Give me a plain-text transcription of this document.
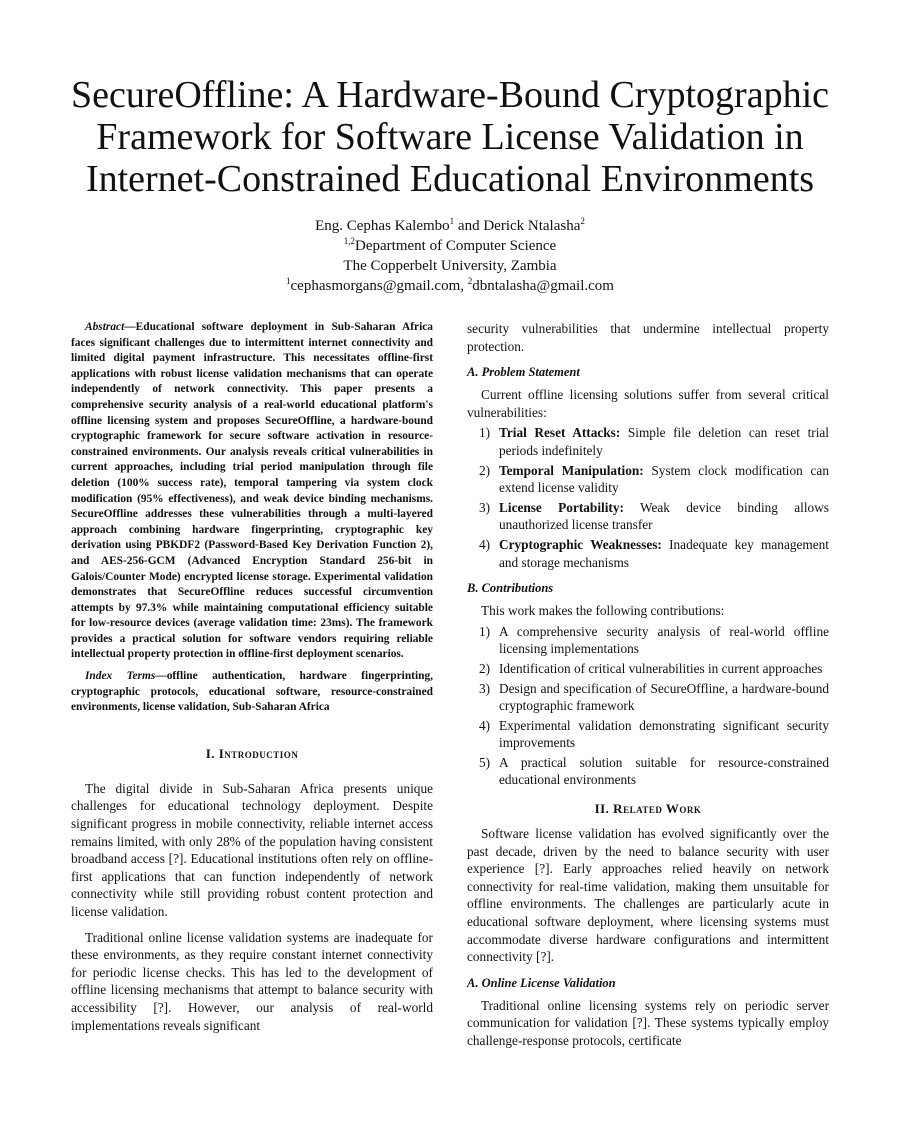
SecureOffline: A Hardware-Bound Cryptographic Framework for Software License Validation in Internet-Constrained Educational Environments
Eng. Cephas Kalembo$^1$ and Derick Ntalasha$^2$
$^{1,2}$Department of Computer Science
The Copperbelt University, Zambia
$^1$cephasmorgans@gmail.com, $^2$dbntalasha@gmail.com

Abstract—Educational software deployment in Sub-Saharan Africa faces significant challenges due to intermittent internet connectivity and limited digital payment infrastructure. This necessitates offline-first applications with robust license validation mechanisms that can operate independently of network connectivity. This paper presents a comprehensive security analysis of a real-world educational platform's offline licensing system and proposes SecureOffline, a hardware-bound cryptographic framework for secure software activation in resource-constrained environments. Our analysis reveals critical vulnerabilities in current approaches, including trial period manipulation through file deletion (100% success rate), temporal tampering via system clock modification (95% effectiveness), and weak device binding mechanisms. SecureOffline addresses these vulnerabilities through a multi-layered approach combining hardware fingerprinting, cryptographic key derivation using PBKDF2 (Password-Based Key Derivation Function 2), and AES-256-GCM (Advanced Encryption Standard 256-bit in Galois/Counter Mode) encrypted license storage. Experimental validation demonstrates that SecureOffline reduces successful circumvention attempts by 97.3% while maintaining computational efficiency suitable for low-resource devices (average validation time: 23ms). The framework provides a practical solution for software vendors requiring reliable intellectual property protection in offline-first deployment scenarios.

Index Terms—offline authentication, hardware fingerprinting, cryptographic protocols, educational software, resource-constrained environments, license validation, Sub-Saharan Africa

I. Introduction

The digital divide in Sub-Saharan Africa presents unique challenges for educational technology deployment. Despite significant progress in mobile connectivity, reliable internet access remains limited, with only 28% of the population having consistent broadband access [?]. Educational institutions often rely on offline-first applications that can function independently of network connectivity while still providing robust content protection and license validation.

Traditional online license validation systems are inadequate for these environments, as they require constant internet connectivity for periodic license checks. This has led to the development of offline licensing mechanisms that attempt to balance security with accessibility [?]. However, our analysis of real-world implementations reveals significant

security vulnerabilities that undermine intellectual property protection.

A. Problem Statement

Current offline licensing solutions suffer from several critical vulnerabilities:

1) Trial Reset Attacks: Simple file deletion can reset trial periods indefinitely
2) Temporal Manipulation: System clock modification can extend license validity
3) License Portability: Weak device binding allows unauthorized license transfer
4) Cryptographic Weaknesses: Inadequate key management and storage mechanisms
B. Contributions

This work makes the following contributions:

1) A comprehensive security analysis of real-world offline licensing implementations
2) Identification of critical vulnerabilities in current approaches
3) Design and specification of SecureOffline, a hardware-bound cryptographic framework
4) Experimental validation demonstrating significant security improvements
5) A practical solution suitable for resource-constrained educational environments
II. Related Work

Software license validation has evolved significantly over the past decade, driven by the need to balance security with user experience [?]. Early approaches relied heavily on network connectivity for real-time validation, making them unsuitable for offline environments. The challenges are particularly acute in educational software deployment, where licensing systems must accommodate diverse hardware configurations and intermittent connectivity [?].

A. Online License Validation

Traditional online licensing systems rely on periodic server communication for validation [?]. These systems typically employ challenge-response protocols, certificate
